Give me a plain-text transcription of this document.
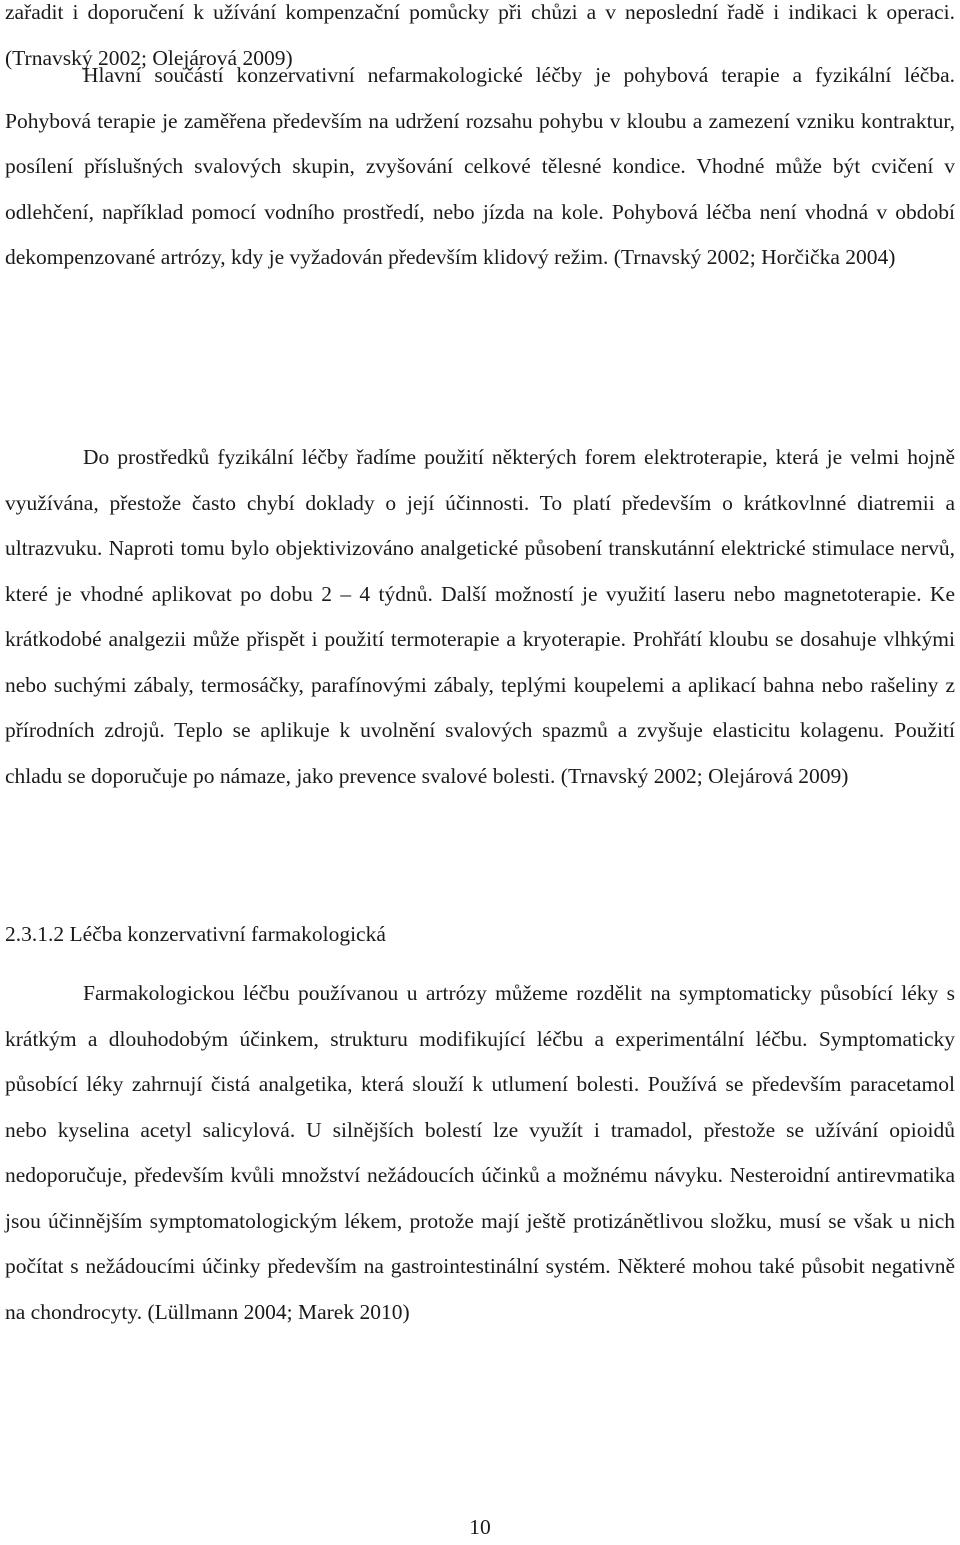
zařadit i doporučení k užívání kompenzační pomůcky při chůzi a v neposlední řadě i indikaci k operaci. (Trnavský 2002; Olejárová 2009)

Hlavní součástí konzervativní nefarmakologické léčby je pohybová terapie a fyzikální léčba. Pohybová terapie je zaměřena především na udržení rozsahu pohybu v kloubu a zamezení vzniku kontraktur, posílení příslušných svalových skupin, zvyšování celkové tělesné kondice. Vhodné může být cvičení v odlehčení, například pomocí vodního prostředí, nebo jízda na kole. Pohybová léčba není vhodná v období dekompenzované artrózy, kdy je vyžadován především klidový režim. (Trnavský 2002; Horčička 2004)

Do prostředků fyzikální léčby řadíme použití některých forem elektroterapie, která je velmi hojně využívána, přestože často chybí doklady o její účinnosti. To platí především o krátkovlnné diatremii a ultrazvuku. Naproti tomu bylo objektivizováno analgetické působení transkutánní elektrické stimulace nervů, které je vhodné aplikovat po dobu 2 – 4 týdnů. Další možností je využití laseru nebo magnetoterapie. Ke krátkodobé analgezii může přispět i použití termoterapie a kryoterapie. Prohřátí kloubu se dosahuje vlhkými nebo suchými zábaly, termosáčky, parafínovými zábaly, teplými koupelemi a aplikací bahna nebo rašeliny z přírodních zdrojů. Teplo se aplikuje k uvolnění svalových spazmů a zvyšuje elasticitu kolagenu. Použití chladu se doporučuje po námaze, jako prevence svalové bolesti. (Trnavský 2002; Olejárová 2009)

2.3.1.2 Léčba konzervativní farmakologická

Farmakologickou léčbu používanou u artrózy můžeme rozdělit na symptomaticky působící léky s krátkým a dlouhodobým účinkem, strukturu modifikující léčbu a experimentální léčbu. Symptomaticky působící léky zahrnují čistá analgetika, která slouží k utlumení bolesti. Používá se především paracetamol nebo kyselina acetyl salicylová. U silnějších bolestí lze využít i tramadol, přestože se užívání opioidů nedoporučuje, především kvůli množství nežádoucích účinků a možnému návyku. Nesteroidní antirevmatika jsou účinnějším symptomatologickým lékem, protože mají ještě protizánětlivou složku, musí se však u nich počítat s nežádoucími účinky především na gastrointestinální systém. Některé mohou také působit negativně na chondrocyty. (Lüllmann 2004; Marek 2010)

10
